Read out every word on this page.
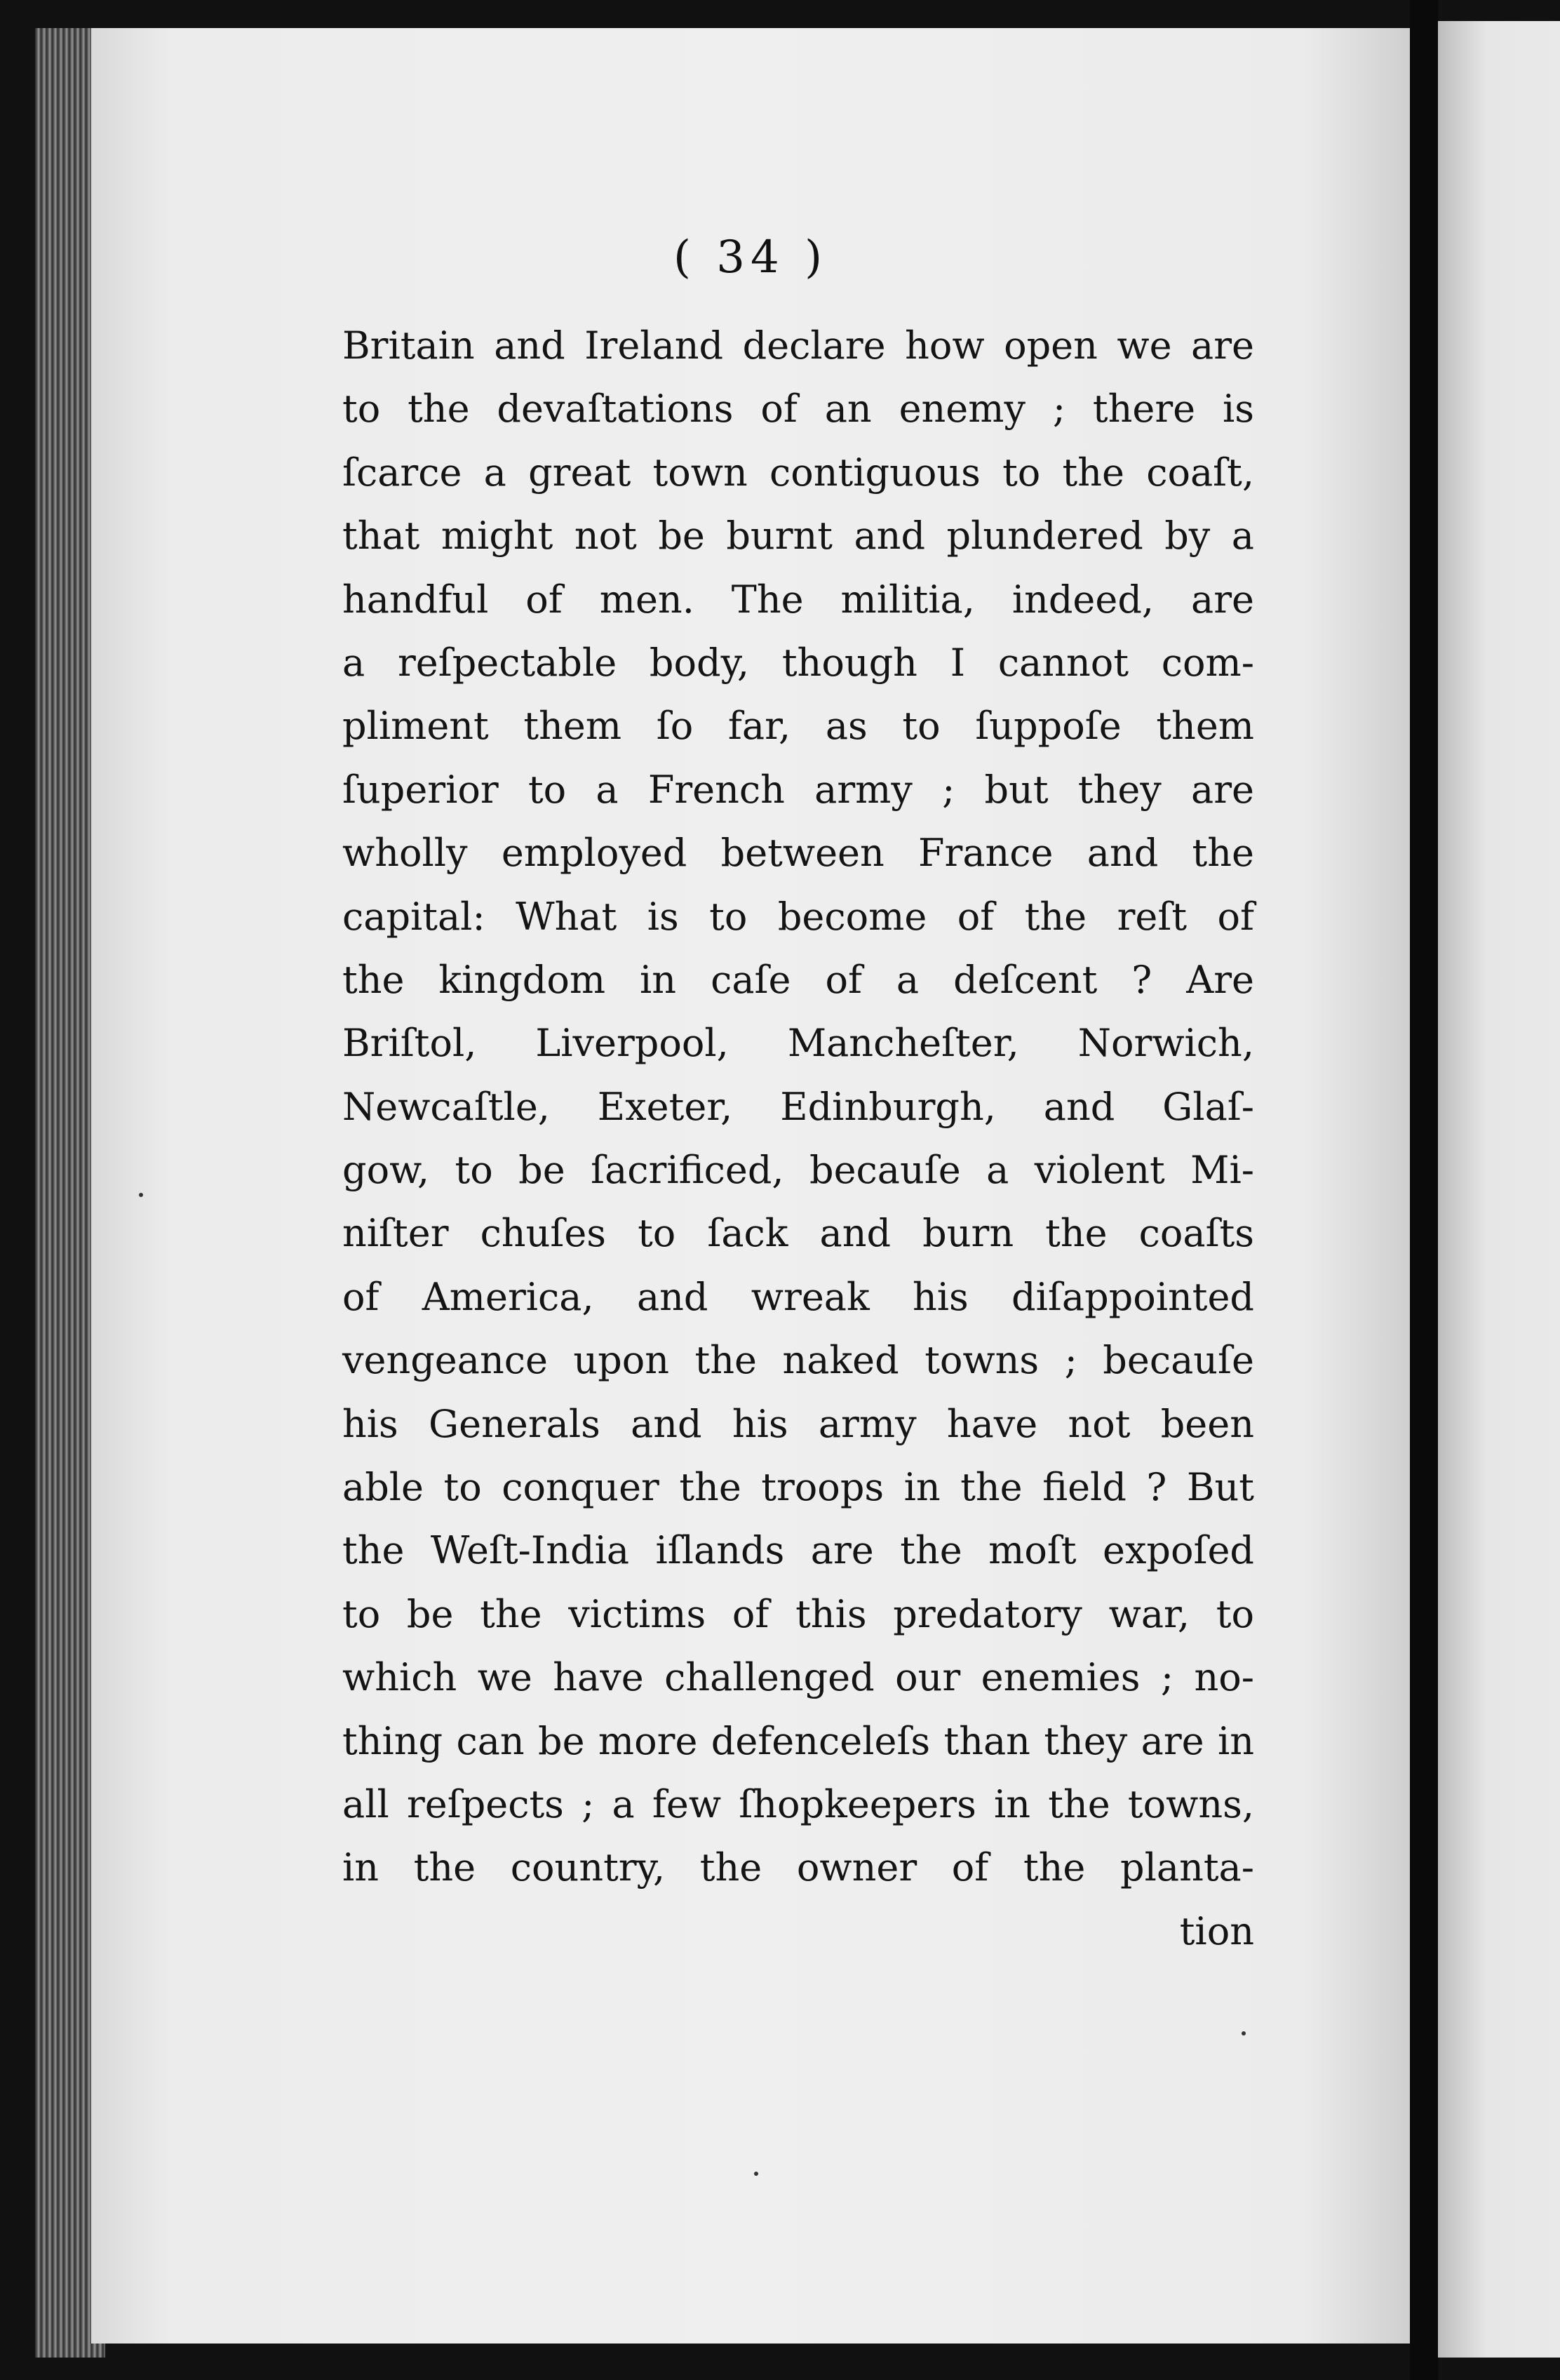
( 34 )
Britain and Ireland declare how open we are
to the devaſtations of an enemy ; there is
ſcarce a great town contiguous to the coaſt,
that might not be burnt and plundered by a
handful of men. The militia, indeed, are
a reſpectable body, though I cannot com-
pliment them ſo far, as to ſuppoſe them
ſuperior to a French army ; but they are
wholly employed between France and the
capital: What is to become of the reſt of
the kingdom in caſe of a deſcent ? Are
Briſtol, Liverpool, Mancheſter, Norwich,
Newcaſtle, Exeter, Edinburgh, and Glaſ-
gow, to be ſacrificed, becauſe a violent Mi-
niſter chuſes to ſack and burn the coaſts
of America, and wreak his diſappointed
vengeance upon the naked towns ; becauſe
his Generals and his army have not been
able to conquer the troops in the field ? But
the Weſt-India iſlands are the moſt expoſed
to be the victims of this predatory war, to
which we have challenged our enemies ; no-
thing can be more defenceleſs than they are in
all reſpects ; a few ſhopkeepers in the towns,
in the country, the owner of the planta-
tion
